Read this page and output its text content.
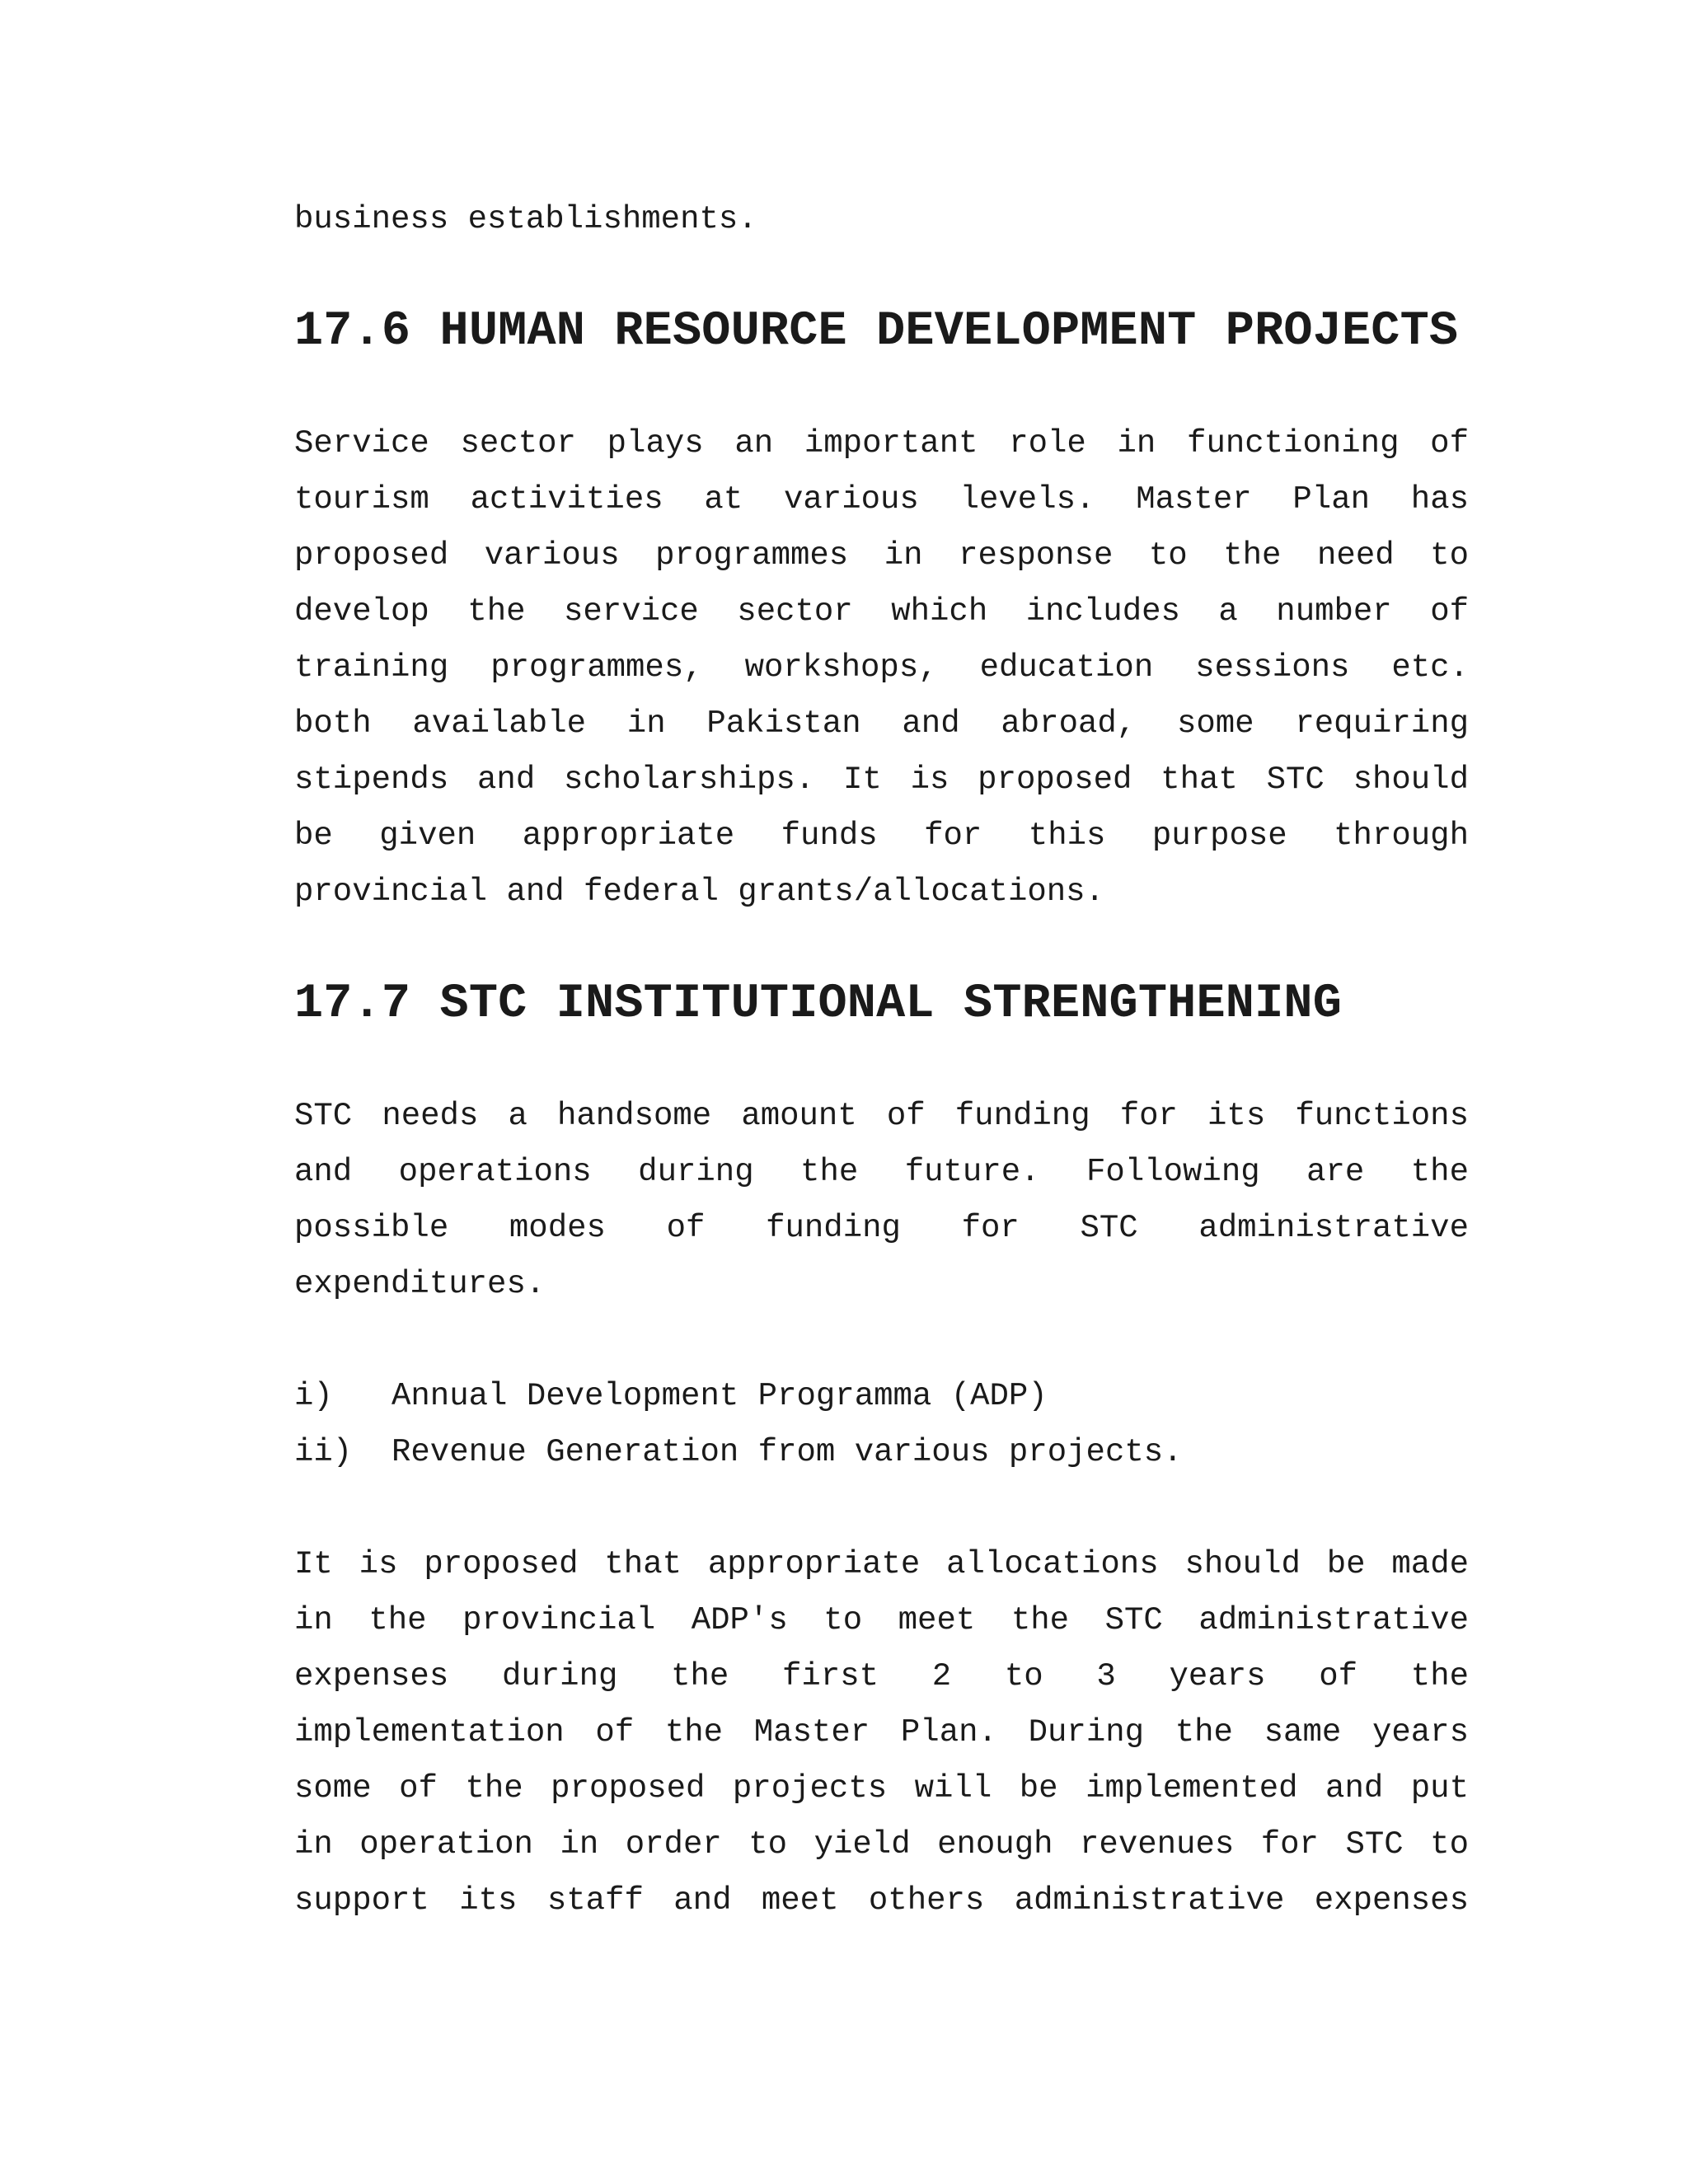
business establishments.

17.6 HUMAN RESOURCE DEVELOPMENT PROJECTS
Service sector plays an important role in functioning of
tourism activities at various levels. Master Plan has
proposed various programmes in response to the need to
develop the service sector which includes a number of
training programmes, workshops, education sessions etc.
both available in Pakistan and abroad, some requiring
stipends and scholarships. It is proposed that STC should
be given appropriate funds for this purpose through
provincial and federal grants/allocations.
17.7 STC INSTITUTIONAL STRENGTHENING
STC needs a handsome amount of funding for its functions
and operations during the future. Following are the
possible modes of funding for STC administrative
expenditures.
i)	Annual Development Programma (ADP)
ii)	Revenue Generation from various projects.
It is proposed that appropriate allocations should be made
in the provincial ADP's to meet the STC administrative
expenses during the first 2 to 3 years of the
implementation of the Master Plan. During the same years
some of the proposed projects will be implemented and put
in operation in order to yield enough revenues for STC to
support its staff and meet others administrative expenses
